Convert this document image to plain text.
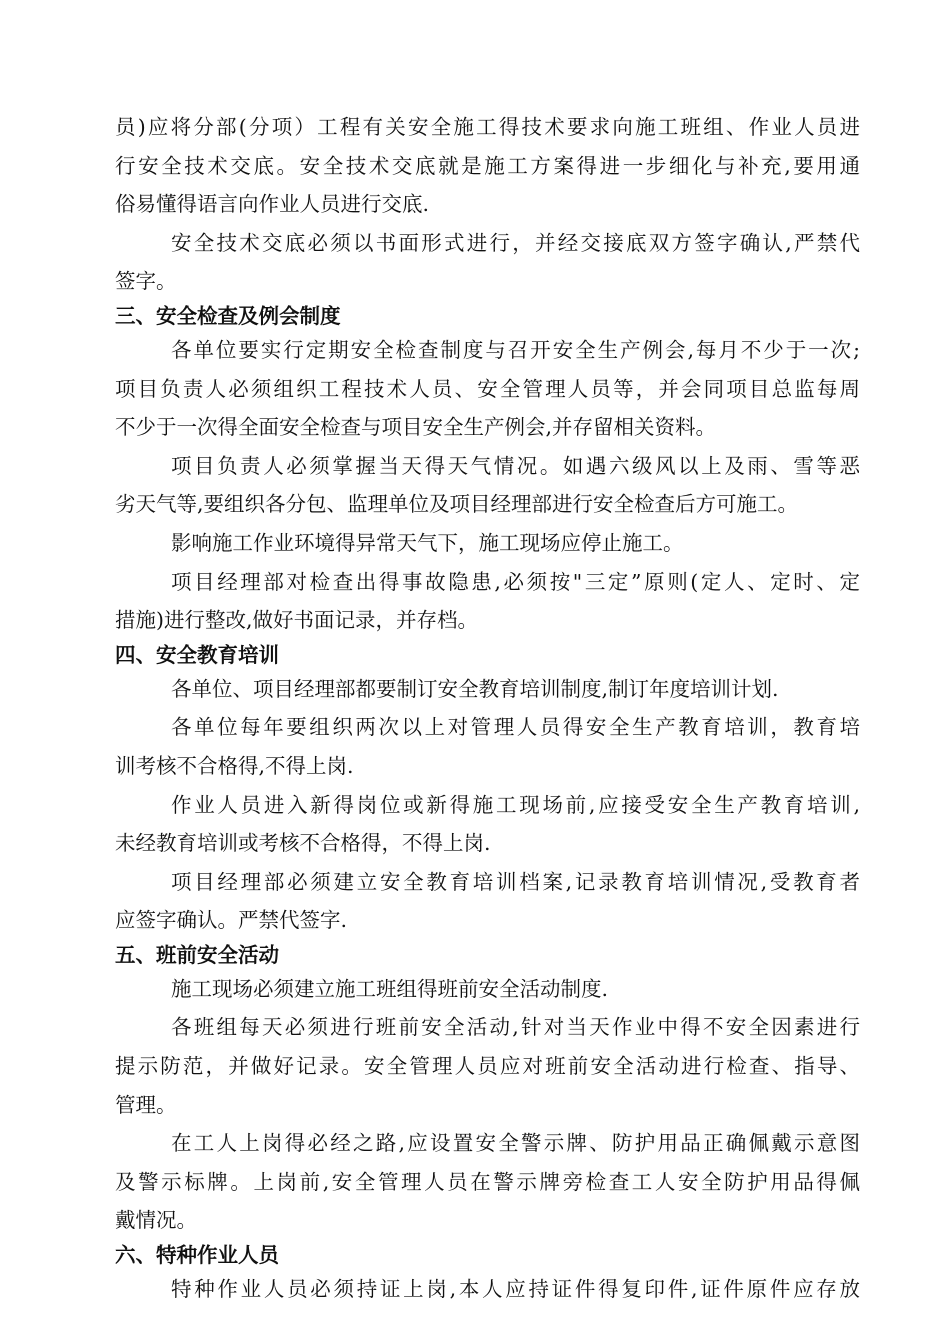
员)应将分部(分项）工程有关安全施工得技术要求向施工班组、作业人员进
行安全技术交底。安全技术交底就是施工方案得进一步细化与补充,要用通
俗易懂得语言向作业人员进行交底.
安全技术交底必须以书面形式进行，并经交接底双方签字确认,严禁代
签字。
三、安全检查及例会制度
各单位要实行定期安全检查制度与召开安全生产例会,每月不少于一次;
项目负责人必须组织工程技术人员、安全管理人员等，并会同项目总监每周
不少于一次得全面安全检查与项目安全生产例会,并存留相关资料。
项目负责人必须掌握当天得天气情况。如遇六级风以上及雨、雪等恶
劣天气等,要组织各分包、监理单位及项目经理部进行安全检查后方可施工。
影响施工作业环境得异常天气下，施工现场应停止施工。
项目经理部对检查出得事故隐患,必须按"三定”原则(定人、定时、定
措施)进行整改,做好书面记录，并存档。
四、安全教育培训
各单位、项目经理部都要制订安全教育培训制度,制订年度培训计划.
各单位每年要组织两次以上对管理人员得安全生产教育培训，教育培
训考核不合格得,不得上岗.
作业人员进入新得岗位或新得施工现场前,应接受安全生产教育培训,
未经教育培训或考核不合格得，不得上岗.
项目经理部必须建立安全教育培训档案,记录教育培训情况,受教育者
应签字确认。严禁代签字.
五、班前安全活动
施工现场必须建立施工班组得班前安全活动制度.
各班组每天必须进行班前安全活动,针对当天作业中得不安全因素进行
提示防范，并做好记录。安全管理人员应对班前安全活动进行检查、指导、
管理。
在工人上岗得必经之路,应设置安全警示牌、防护用品正确佩戴示意图
及警示标牌。上岗前,安全管理人员在警示牌旁检查工人安全防护用品得佩
戴情况。
六、特种作业人员
特种作业人员必须持证上岗,本人应持证件得复印件,证件原件应存放
